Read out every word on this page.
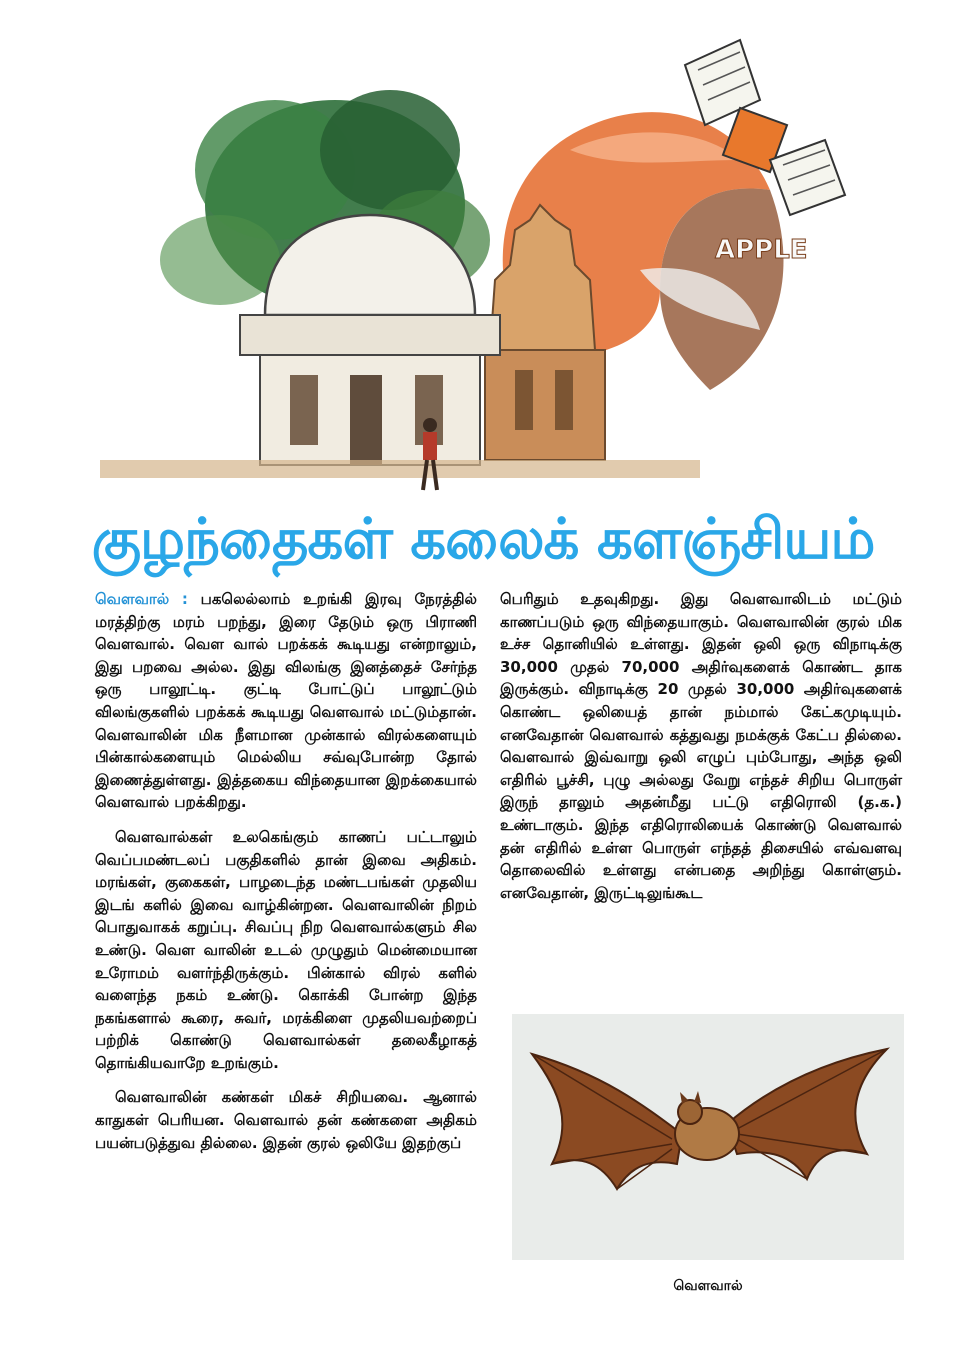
APPLE
குழந்தைகள் கலைக் களஞ்சியம்

வௌவால் : பகலெல்லாம் உறங்கி இரவு நேரத்தில் மரத்திற்கு மரம் பறந்து, இரை தேடும் ஒரு பிராணி வௌவால். வௌ வால் பறக்கக் கூடியது என்றாலும், இது பறவை அல்ல. இது விலங்கு இனத்தைச் சேர்ந்த ஒரு பாலூட்டி. குட்டி போட்டுப் பாலூட்டும் விலங்குகளில் பறக்கக் கூடியது வௌவால் மட்டும்தான். வௌவாலின் மிக நீளமான முன்கால் விரல்களையும் பின்கால்களையும் மெல்லிய சவ்வுபோன்ற தோல் இணைத்துள்ளது. இத்தகைய விந்தையான இறக்கையால் வௌவால் பறக்கிறது.

வௌவால்கள் உலகெங்கும் காணப் பட்டாலும் வெப்பமண்டலப் பகுதிகளில் தான் இவை அதிகம். மரங்கள், குகைகள், பாழடைந்த மண்டபங்கள் முதலிய இடங் களில் இவை வாழ்கின்றன. வௌவாலின் நிறம் பொதுவாகக் கறுப்பு. சிவப்பு நிற வௌவால்களும் சில உண்டு. வௌ வாலின் உடல் முழுதும் மென்மையான உரோமம் வளர்ந்திருக்கும். பின்கால் விரல் களில் வளைந்த நகம் உண்டு. கொக்கி போன்ற இந்த நகங்களால் கூரை, சுவர், மரக்கிளை முதலியவற்றைப் பற்றிக் கொண்டு வௌவால்கள் தலைகீழாகத் தொங்கியவாறே உறங்கும்.

வௌவாலின் கண்கள் மிகச் சிறியவை. ஆனால் காதுகள் பெரியன. வௌவால் தன் கண்களை அதிகம் பயன்படுத்துவ தில்லை. இதன் குரல் ஒலியே இதற்குப்

பெரிதும் உதவுகிறது. இது வௌவாலிடம் மட்டும் காணப்படும் ஒரு விந்தையாகும். வௌவாலின் குரல் மிக உச்ச தொனியில் உள்ளது. இதன் ஒலி ஒரு விநாடிக்கு 30,000 முதல் 70,000 அதிர்வுகளைக் கொண்ட தாக இருக்கும். விநாடிக்கு 20 முதல் 30,000 அதிர்வுகளைக் கொண்ட ஒலியைத் தான் நம்மால் கேட்கமுடியும். எனவேதான் வௌவால் கத்துவது நமக்குக் கேட்ப தில்லை. வௌவால் இவ்வாறு ஒலி எழுப் பும்போது, அந்த ஒலி எதிரில் பூச்சி, புழு அல்லது வேறு எந்தச் சிறிய பொருள் இருந் தாலும் அதன்மீது பட்டு எதிரொலி (த.க.) உண்டாகும். இந்த எதிரொலியைக் கொண்டு வௌவால் தன் எதிரில் உள்ள பொருள் எந்தத் திசையில் எவ்வளவு தொலைவில் உள்ளது என்பதை அறிந்து கொள்ளும். எனவேதான், இருட்டிலுங்கூட

வௌவால்
